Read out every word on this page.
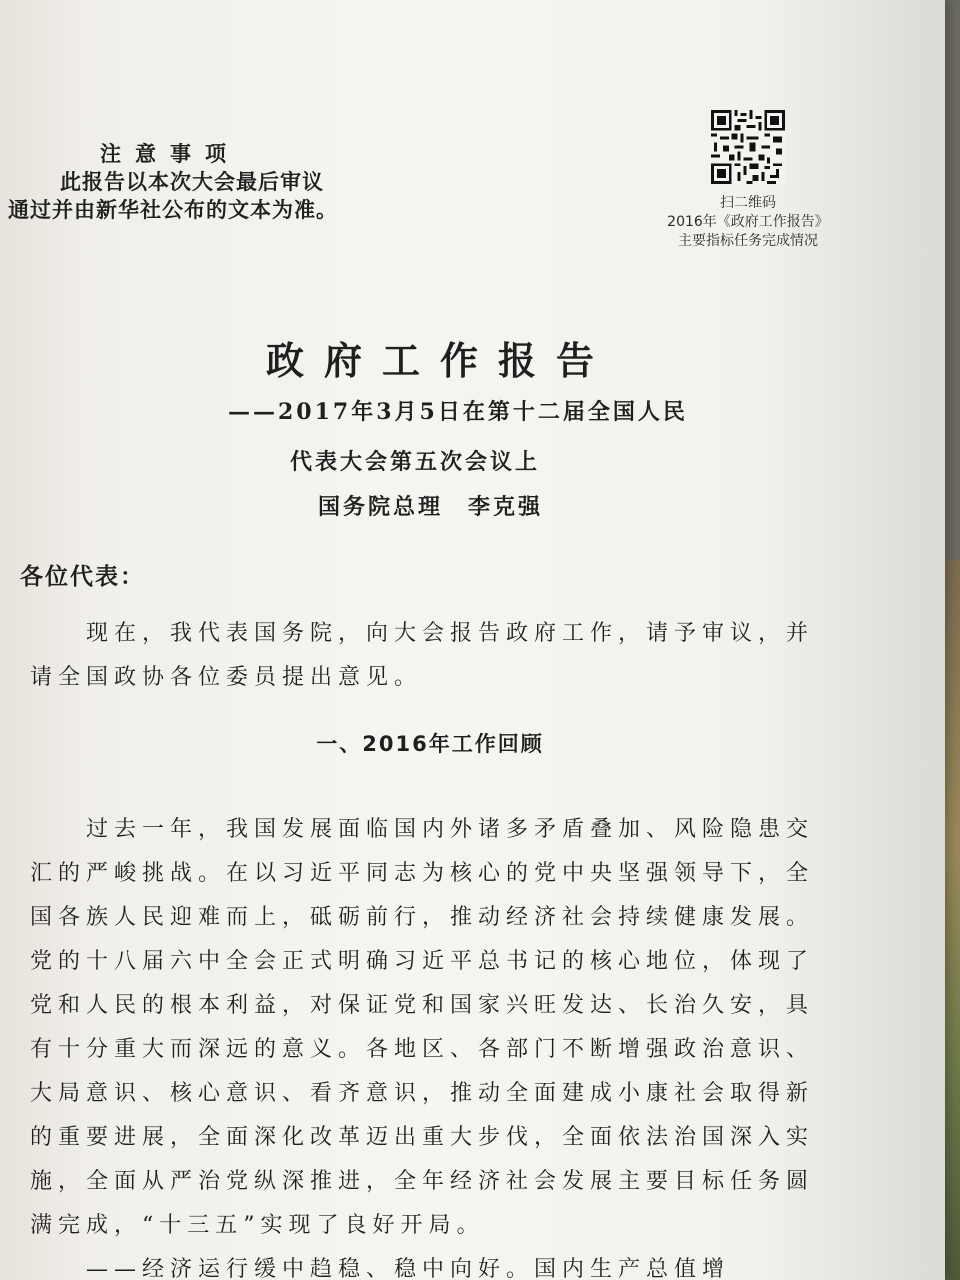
注意事项
此报告以本次大会最后审议
通过并由新华社公布的文本为准。	扫二维码
2016年《政府工作报告》
主要指标任务完成情况
政府工作报告
——2017年3月5日在第十二届全国人民
代表大会第五次会议上
国务院总理　李克强
各位代表：
现在，我代表国务院，向大会报告政府工作，请予审议，并
请全国政协各位委员提出意见。
一、2016年工作回顾
过去一年，我国发展面临国内外诸多矛盾叠加、风险隐患交
汇的严峻挑战。在以习近平同志为核心的党中央坚强领导下，全
国各族人民迎难而上，砥砺前行，推动经济社会持续健康发展。
党的十八届六中全会正式明确习近平总书记的核心地位，体现了
党和人民的根本利益，对保证党和国家兴旺发达、长治久安，具
有十分重大而深远的意义。各地区、各部门不断增强政治意识、
大局意识、核心意识、看齐意识，推动全面建成小康社会取得新
的重要进展，全面深化改革迈出重大步伐，全面依法治国深入实
施，全面从严治党纵深推进，全年经济社会发展主要目标任务圆
满完成，“十三五”实现了良好开局。
——经济运行缓中趋稳、稳中向好。国内生产总值增
